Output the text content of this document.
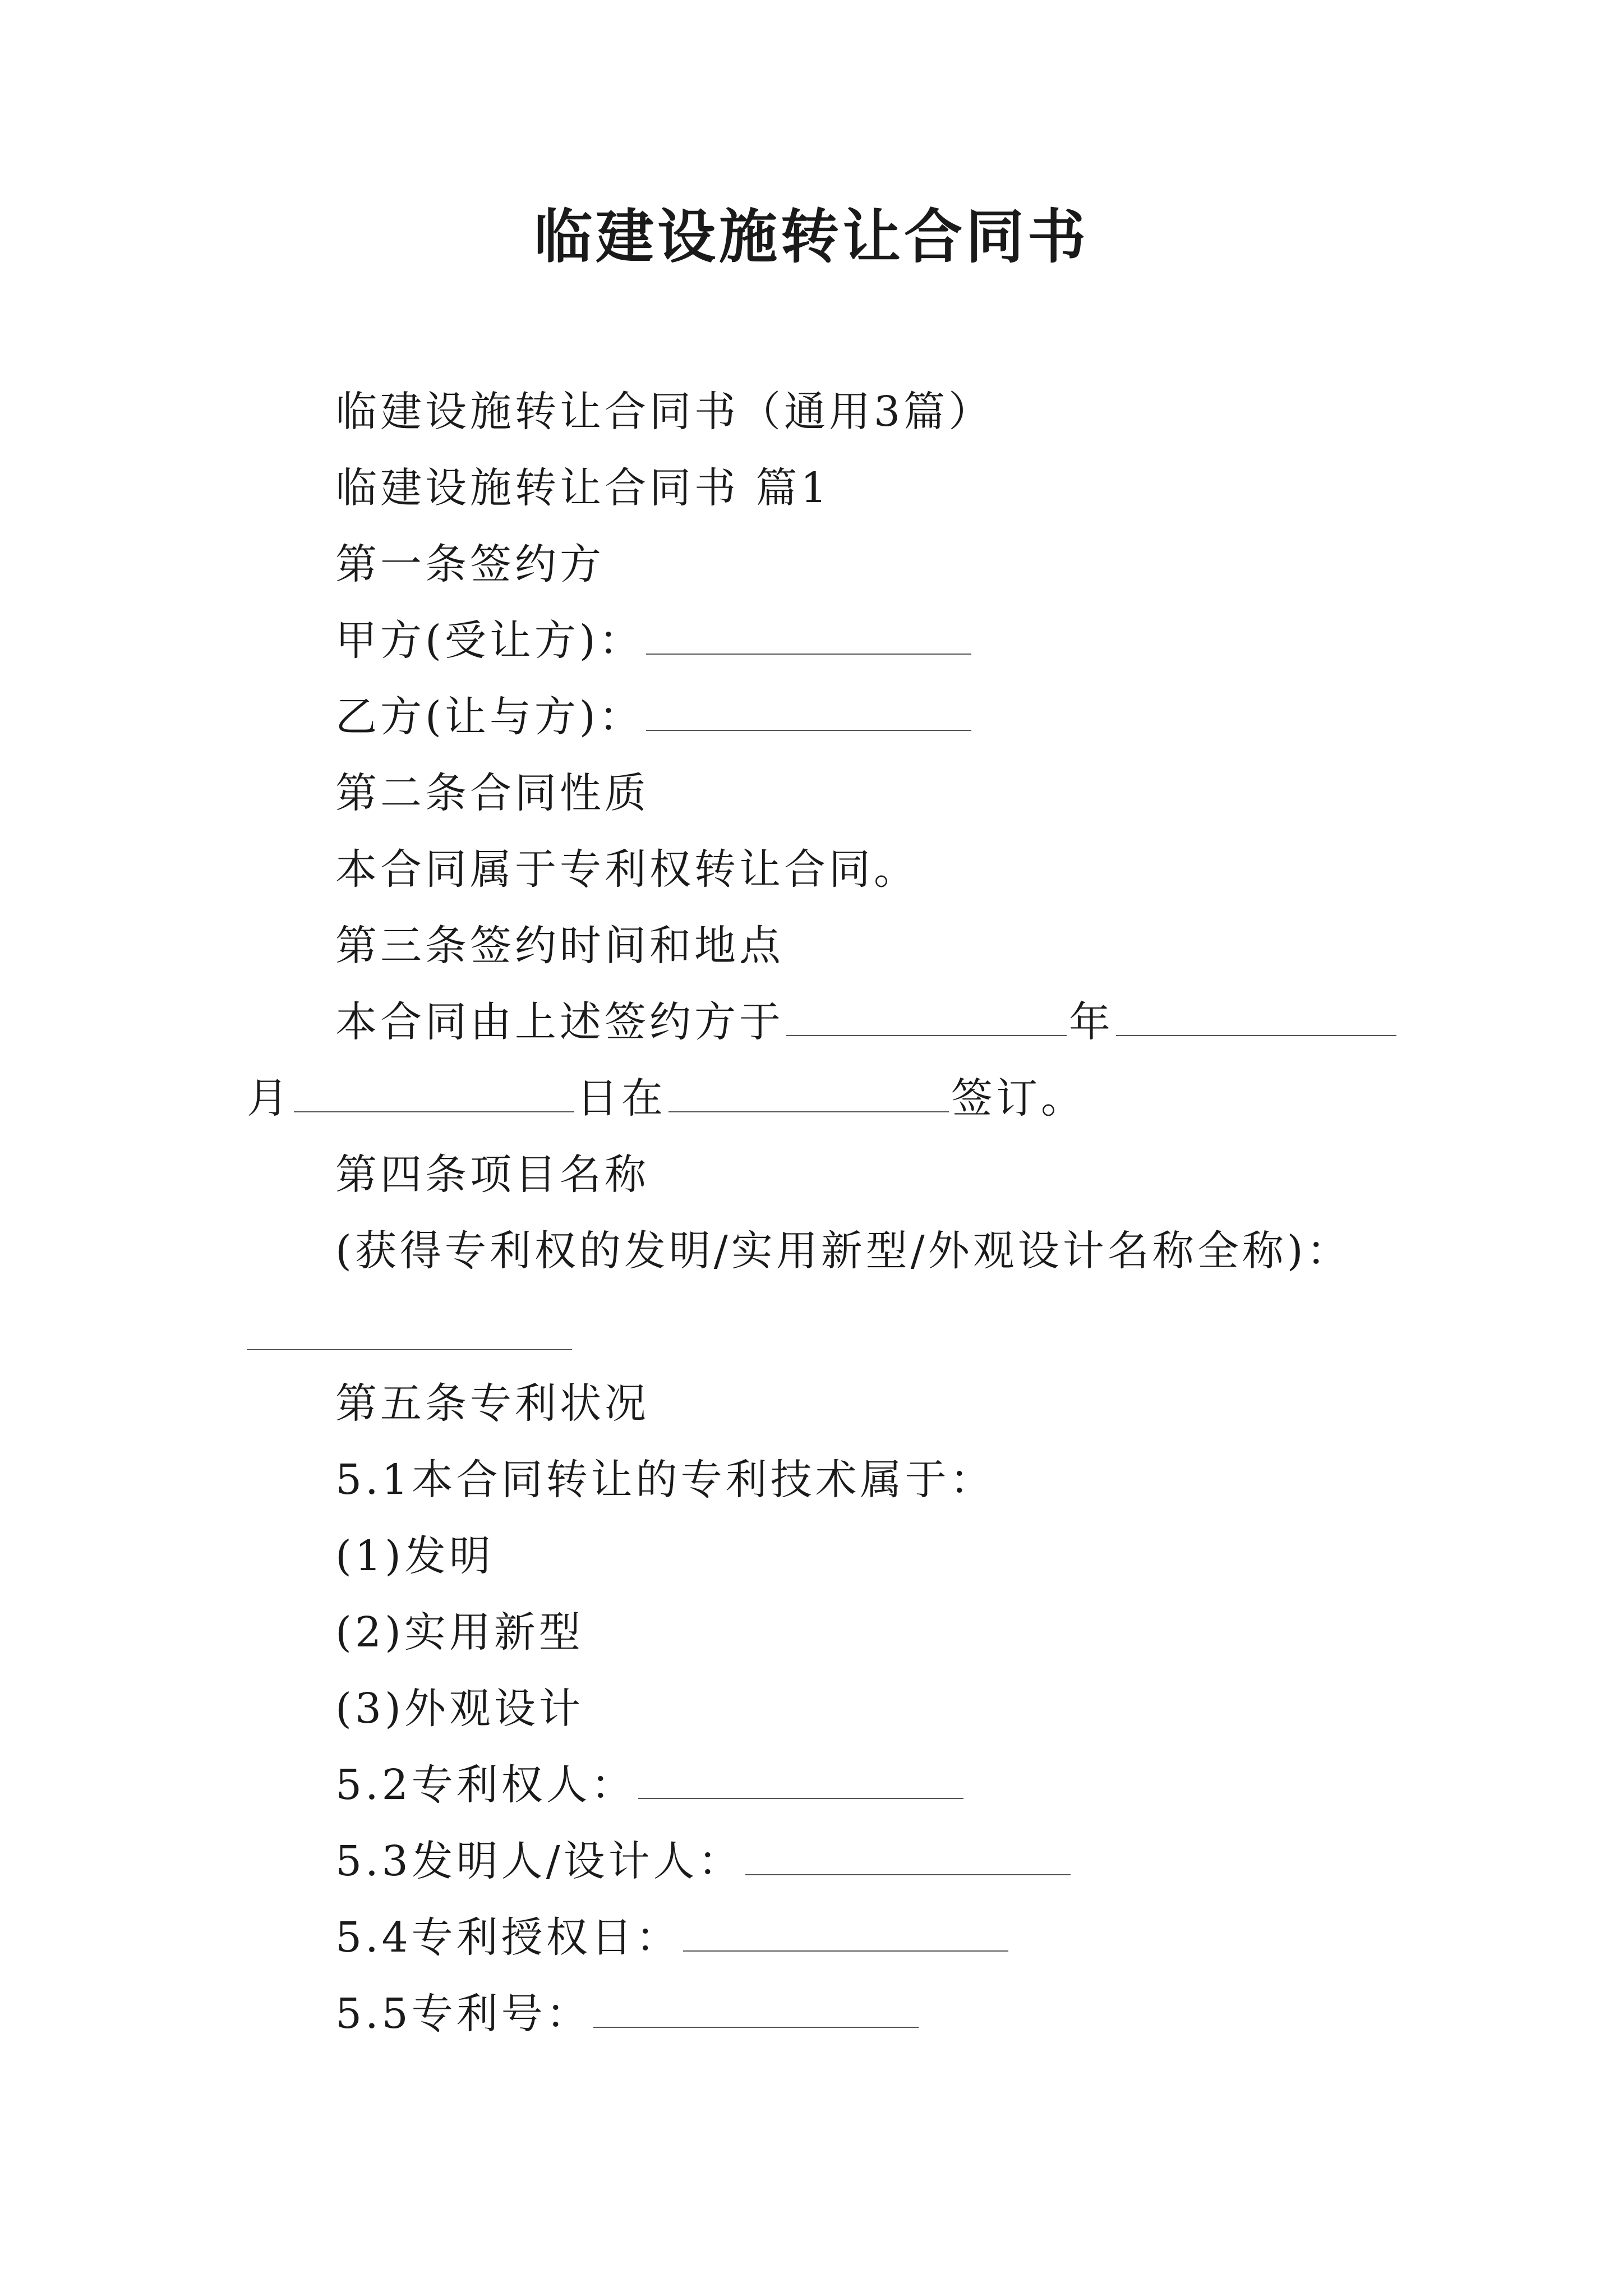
临建设施转让合同书
临建设施转让合同书（通用3篇）
临建设施转让合同书 篇1
第一条签约方
甲方(受让方)：
乙方(让与方)：
第二条合同性质
本合同属于专利权转让合同。
第三条签约时间和地点
本合同由上述签约方于	年
月	日在	签订。
第四条项目名称
(获得专利权的发明/实用新型/外观设计名称全称)：
第五条专利状况
5.1本合同转让的专利技术属于：
(1)发明
(2)实用新型
(3)外观设计
5.2专利权人：
5.3发明人/设计人：
5.4专利授权日：
5.5专利号：
